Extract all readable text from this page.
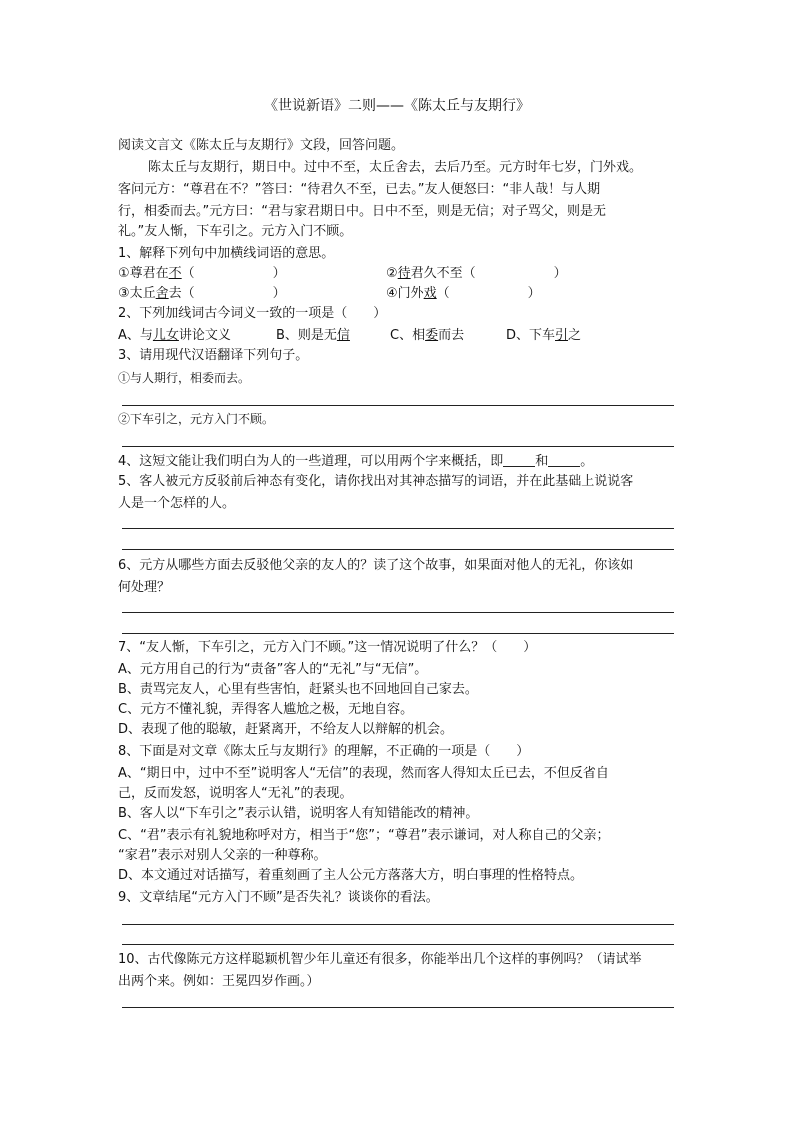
《世说新语》二则——《陈太丘与友期行》
阅读文言文《陈太丘与友期行》文段，回答问题。
陈太丘与友期行，期日中。过中不至，太丘舍去，去后乃至。元方时年七岁，门外戏。
客问元方：“尊君在不？”答曰：“待君久不至，已去。”友人便怒曰：“非人哉！与人期
行，相委而去。”元方曰：“君与家君期日中。日中不至，则是无信；对子骂父，则是无
礼。”友人惭，下车引之。元方入门不顾。
1、解释下列句中加横线词语的意思。
①尊君在不（　　　　　　）	②待君久不至（　　　　　　）
③太丘舍去（　　　　　　）	④门外戏（　　　　　　）
2、下列加线词古今词义一致的一项是（　　）
A、与儿女讲论文义	B、则是无信	C、相委而去	D、下车引之
3、请用现代汉语翻译下列句子。
①与人期行，相委而去。
②下车引之，元方入门不顾。
4、这短文能让我们明白为人的一些道理，可以用两个字来概括，即 和 。
5、客人被元方反驳前后神态有变化，请你找出对其神态描写的词语，并在此基础上说说客
人是一个怎样的人。
6、元方从哪些方面去反驳他父亲的友人的？读了这个故事，如果面对他人的无礼，你该如
何处理？
7、“友人惭，下车引之，元方入门不顾。”这一情况说明了什么？（　　）
A、元方用自己的行为“责备”客人的“无礼”与“无信”。
B、责骂完友人，心里有些害怕，赶紧头也不回地回自己家去。
C、元方不懂礼貌，弄得客人尴尬之极，无地自容。
D、表现了他的聪敏，赶紧离开，不给友人以辩解的机会。
8、下面是对文章《陈太丘与友期行》的理解，不正确的一项是（　　）
A、“期日中，过中不至”说明客人“无信”的表现，然而客人得知太丘已去，不但反省自
己，反而发怒，说明客人“无礼”的表现。
B、客人以“下车引之”表示认错，说明客人有知错能改的精神。
C、“君”表示有礼貌地称呼对方，相当于“您”；“尊君”表示谦词，对人称自己的父亲；
“家君”表示对别人父亲的一种尊称。
D、本文通过对话描写，着重刻画了主人公元方落落大方，明白事理的性格特点。
9、文章结尾“元方入门不顾”是否失礼？谈谈你的看法。
10、古代像陈元方这样聪颖机智少年儿童还有很多，你能举出几个这样的事例吗？（请试举
出两个来。例如：王冕四岁作画。）
